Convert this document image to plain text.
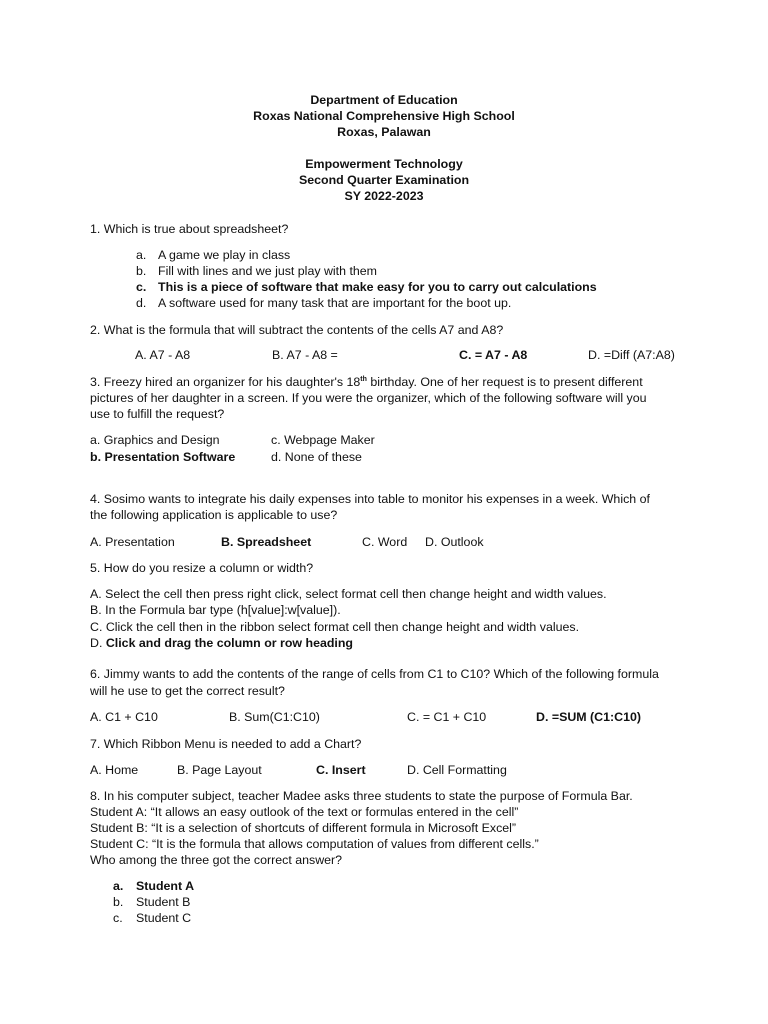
Department of Education
Roxas National Comprehensive High School
Roxas, Palawan
Empowerment Technology
Second Quarter Examination
SY 2022-2023
1. Which is true about spreadsheet?
a. A game we play in class
b. Fill with lines and we just play with them
c. This is a piece of software that make easy for you to carry out calculations
d. A software used for many task that are important for the boot up.
2. What is the formula that will subtract the contents of the cells A7 and A8?
A. A7 - A8	B. A7 - A8 =	C. = A7 - A8	D. =Diff (A7:A8)
3. Freezy hired an organizer for his daughter's 18th birthday. One of her request is to present different
pictures of her daughter in a screen. If you were the organizer, which of the following software will you
use to fulfill the request?
a. Graphics and Design	c. Webpage Maker
b. Presentation Software	d. None of these
4. Sosimo wants to integrate his daily expenses into table to monitor his expenses in a week. Which of
the following application is applicable to use?
A. Presentation	B. Spreadsheet	C. Word D. Outlook
5. How do you resize a column or width?
A. Select the cell then press right click, select format cell then change height and width values.
B. In the Formula bar type (h[value]:w[value]).
C. Click the cell then in the ribbon select format cell then change height and width values.
D. Click and drag the column or row heading
6. Jimmy wants to add the contents of the range of cells from C1 to C10? Which of the following formula
will he use to get the correct result?
A. C1 + C10	B. Sum(C1:C10)	C. = C1 + C10	D. =SUM (C1:C10)
7. Which Ribbon Menu is needed to add a Chart?
A. Home	B. Page Layout	C. Insert	D. Cell Formatting
8. In his computer subject, teacher Madee asks three students to state the purpose of Formula Bar.
Student A: “It allows an easy outlook of the text or formulas entered in the cell”
Student B: “It is a selection of shortcuts of different formula in Microsoft Excel”
Student C: “It is the formula that allows computation of values from different cells.”
Who among the three got the correct answer?
a.	Student A
b.	Student B
c.	Student C
